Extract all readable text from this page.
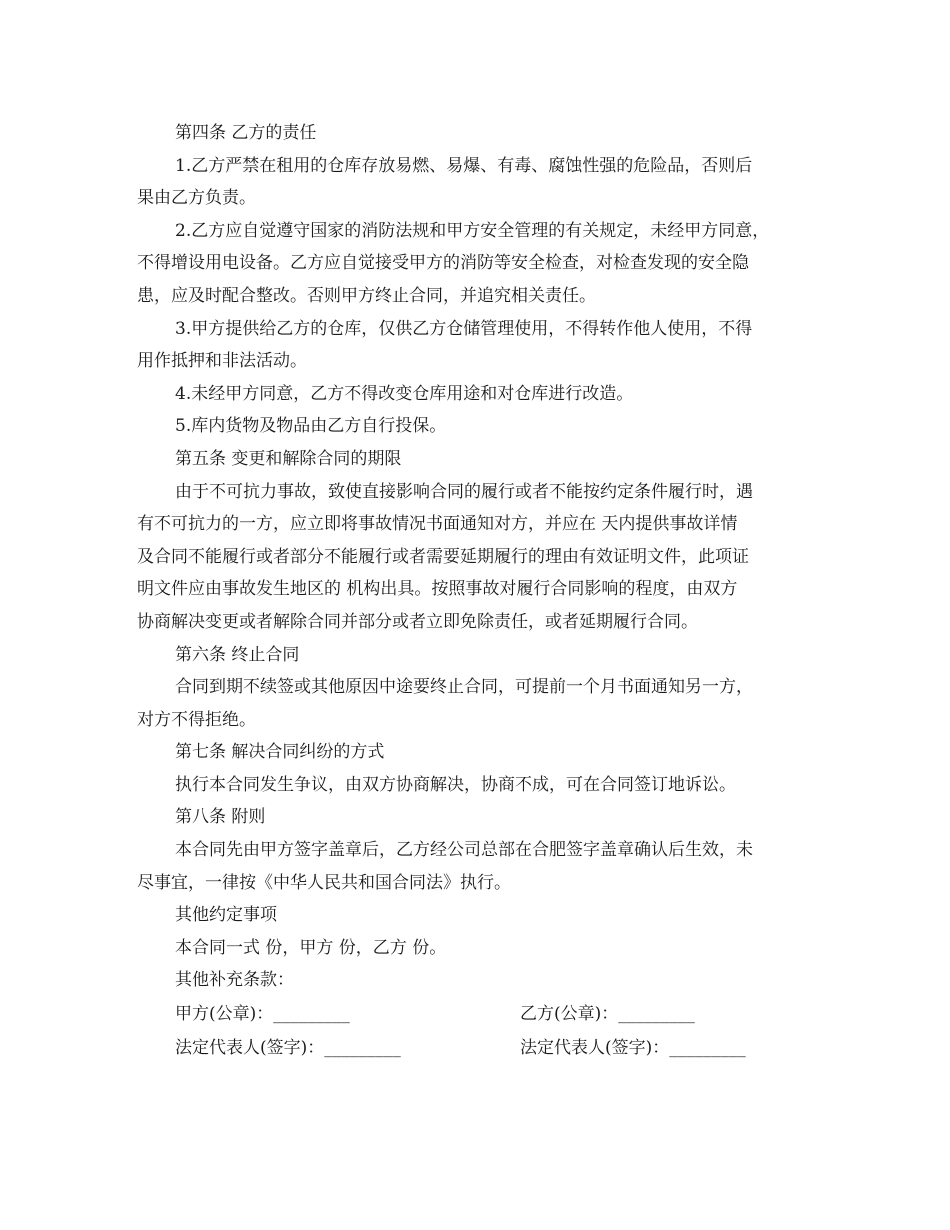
第四条 乙方的责任
1.乙方严禁在租用的仓库存放易燃、易爆、有毒、腐蚀性强的危险品，否则后
果由乙方负责。
2.乙方应自觉遵守国家的消防法规和甲方安全管理的有关规定，未经甲方同意，
不得增设用电设备。乙方应自觉接受甲方的消防等安全检查，对检查发现的安全隐
患，应及时配合整改。否则甲方终止合同，并追究相关责任。
3.甲方提供给乙方的仓库，仅供乙方仓储管理使用，不得转作他人使用，不得
用作抵押和非法活动。
4.未经甲方同意，乙方不得改变仓库用途和对仓库进行改造。
5.库内货物及物品由乙方自行投保。
第五条 变更和解除合同的期限
由于不可抗力事故，致使直接影响合同的履行或者不能按约定条件履行时，遇
有不可抗力的一方，应立即将事故情况书面通知对方，并应在 天内提供事故详情
及合同不能履行或者部分不能履行或者需要延期履行的理由有效证明文件，此项证
明文件应由事故发生地区的 机构出具。按照事故对履行合同影响的程度，由双方
协商解决变更或者解除合同并部分或者立即免除责任，或者延期履行合同。
第六条 终止合同
合同到期不续签或其他原因中途要终止合同，可提前一个月书面通知另一方，
对方不得拒绝。
第七条 解决合同纠纷的方式
执行本合同发生争议，由双方协商解决，协商不成，可在合同签订地诉讼。
第八条 附则
本合同先由甲方签字盖章后，乙方经公司总部在合肥签字盖章确认后生效，未
尽事宜，一律按《中华人民共和国合同法》执行。
其他约定事项
本合同一式 份，甲方 份，乙方 份。
其他补充条款：
甲方(公章)：_________	乙方(公章)：_________
法定代表人(签字)：_________	法定代表人(签字)：_________
